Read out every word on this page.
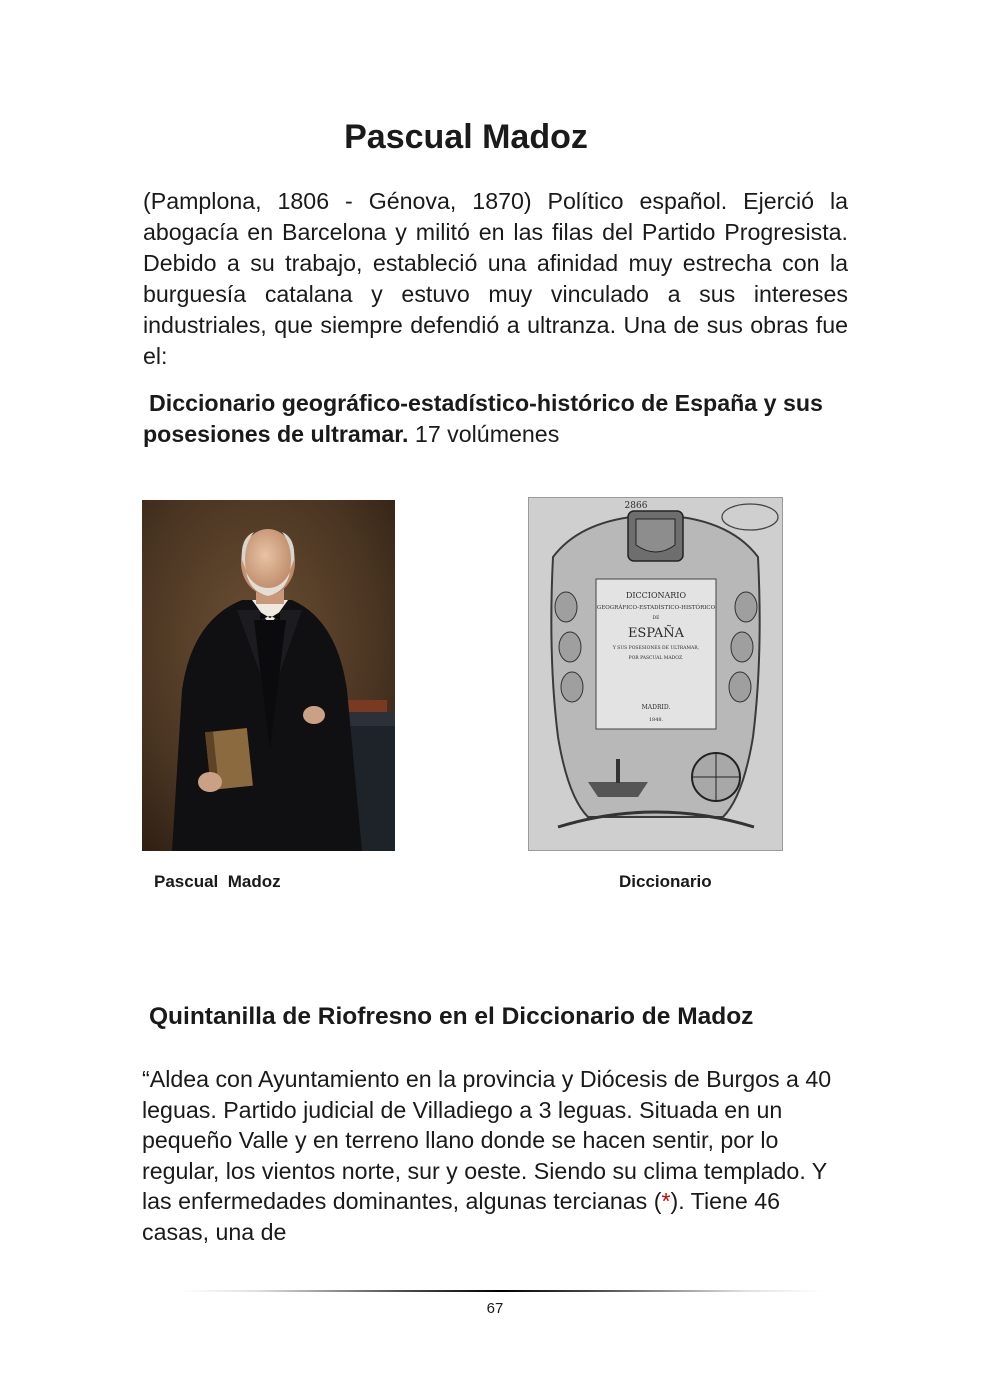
Pascual Madoz

(Pamplona, 1806 - Génova, 1870) Político español. Ejerció la abogacía en Barcelona y militó en las filas del Partido Progresista. Debido a su trabajo, estableció una afinidad muy estrecha con la burguesía catalana y estuvo muy vinculado a sus intereses industriales, que siempre defendió a ultranza. Una de sus obras fue el:

Diccionario geográfico-estadístico-histórico de España y sus posesiones de ultramar. 17 volúmenes

2866
DICCIONARIO
GEOGRÁFICO-ESTADÍSTICO-HISTÓRICO
DE
ESPAÑA
Y SUS POSESIONES DE ULTRAMAR,
POR PASCUAL MADOZ.
MADRID.
1848.

Pascual  Madoz	Diccionario

Quintanilla de Riofresno en el Diccionario de Madoz

“Aldea con Ayuntamiento en la provincia y Diócesis de Burgos a 40 leguas. Partido judicial de Villadiego a 3 leguas. Situada en un pequeño Valle y en terreno llano donde se hacen sentir, por lo regular, los vientos norte, sur y oeste. Siendo su clima templado. Y las enfermedades dominantes, algunas tercianas (*). Tiene 46 casas, una de

67
